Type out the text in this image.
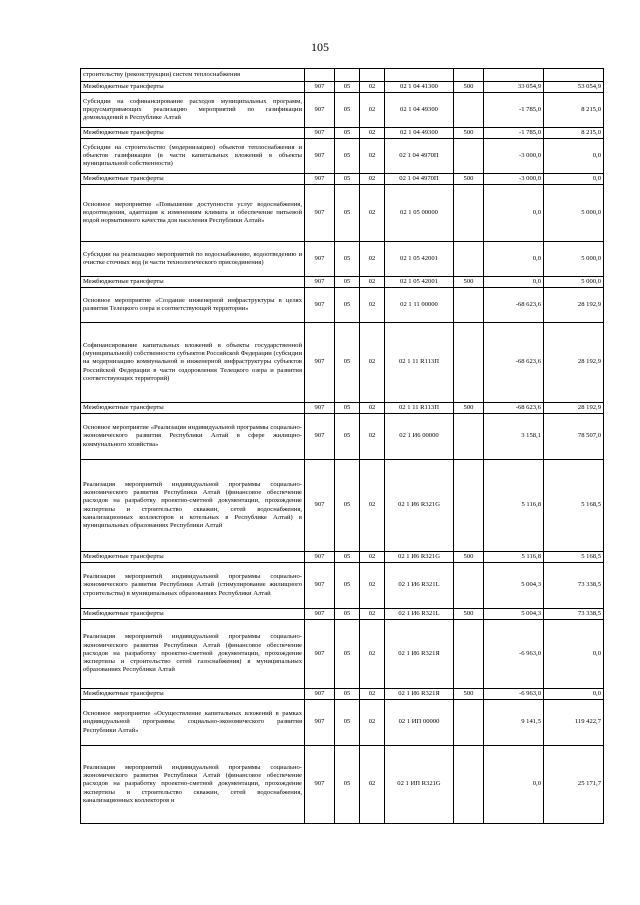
105
строительству (реконструкции) систем теплоснабжения							
Межбюджетные трансферты	907	05	02	02 1 04 41300	500	33 054,9	53 054,9
Субсидии на софинансирование расходов муниципальных программ, предусматривающих реализацию мероприятий по газификации домовладений в Республике Алтай	907	05	02	02 1 04 49300		-1 785,0	8 215,0
Межбюджетные трансферты	907	05	02	02 1 04 49300	500	-1 785,0	8 215,0
Субсидии на строительство (модернизацию) объектов теплоснабжения и объектов газификации (в части капитальных вложений в объекты муниципальной собственности)	907	05	02	02 1 04 4970П		-3 000,0	0,0
Межбюджетные трансферты	907	05	02	02 1 04 4970П	500	-3 000,0	0,0
Основное мероприятие «Повышение доступности услуг водоснабжения, водоотведения, адаптация к изменениям климата и обеспечение питьевой водой нормативного качества для населения Республики Алтай»	907	05	02	02 1 05 00000		0,0	5 000,0
Субсидии на реализацию мероприятий по водоснабжению, водоотведению и очистке сточных вод (в части технологического присоединения)	907	05	02	02 1 05 42001		0,0	5 000,0
Межбюджетные трансферты	907	05	02	02 1 05 42001	500	0,0	5 000,0
Основное мероприятие «Создание инженерной инфраструктуры в целях развития Телецкого озера и соответствующей территории»	907	05	02	02 1 11 00000		-68 623,6	28 192,9
Софинансирование капитальных вложений в объекты государственной (муниципальной) собственности субъектов Российской Федерации (субсидии на модернизацию коммунальной и инженерной инфраструктуры субъектов Российской Федерации в части оздоровления Телецкого озера и развития соответствующих территорий)	907	05	02	02 1 11 R113П		-68 623,6	28 192,9
Межбюджетные трансферты	907	05	02	02 1 11 R113П	500	-68 623,6	28 192,9
Основное мероприятие «Реализация индивидуальной программы социально-экономического развития Республики Алтай в сфере жилищно-коммунального хозяйства»	907	05	02	02 1 И6 00000		3 158,1	78 507,0
Реализация мероприятий индивидуальной программы социально-экономического развития Республики Алтай (финансовое обеспечение расходов на разработку проектно-сметной документации, прохождение экспертизы и строительство скважин, сетей водоснабжения, канализационных коллекторов и котельных в Республике Алтай) в муниципальных образованиях Республики Алтай	907	05	02	02 1 И6 R321G		5 116,8	5 168,5
Межбюджетные трансферты	907	05	02	02 1 И6 R321G	500	5 116,8	5 168,5
Реализация мероприятий индивидуальной программы социально-экономического развития Республики Алтай (стимулирование жилищного строительства) в муниципальных образованиях Республики Алтай	907	05	02	02 1 И6 R321L		5 004,3	73 338,5
Межбюджетные трансферты	907	05	02	02 1 И6 R321L	500	5 004,3	73 338,5
Реализация мероприятий индивидуальной программы социально-экономического развития Республики Алтай (финансовое обеспечение расходов на разработку проектно-сметной документации, прохождение экспертизы и строительство сетей газоснабжения) в муниципальных образованиях Республики Алтай	907	05	02	02 1 И6 R321Я		-6 963,0	0,0
Межбюджетные трансферты	907	05	02	02 1 И6 R321Я	500	-6 963,0	0,0
Основное мероприятие «Осуществление капитальных вложений в рамках индивидуальной программы социально-экономического развития Республики Алтай»	907	05	02	02 1 ИП 00000		9 141,5	119 422,7
Реализация мероприятий индивидуальной программы социально-экономического развития Республики Алтай (финансовое обеспечение расходов на разработку проектно-сметной документации, прохождение экспертизы и строительство скважин, сетей водоснабжения, канализационных коллекторов и	907	05	02	02 1 ИП R321G		0,0	25 171,7
